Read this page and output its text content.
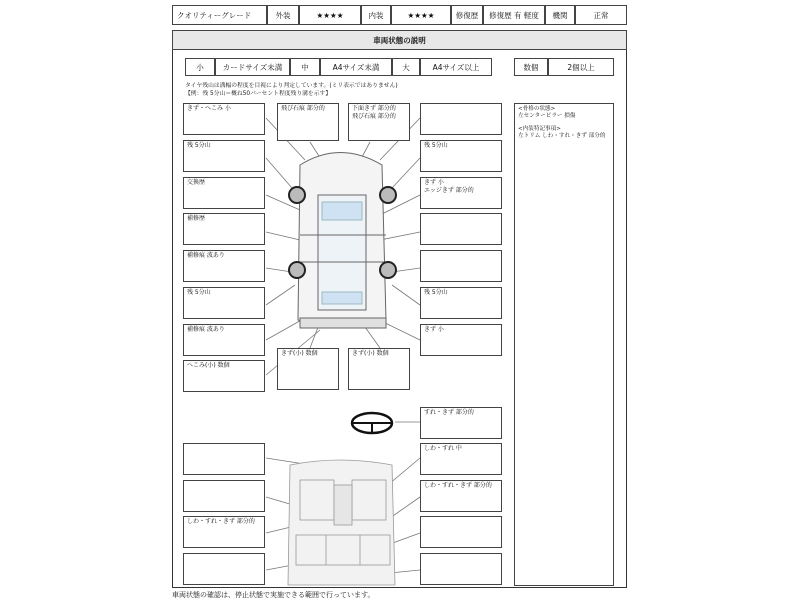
クオリティーグレード	外装	★★★★	内装	★★★★	修復歴	修復歴 有 軽度	機関	正常
車両状態の説明
小	カードサイズ未満	中	A4サイズ未満	大	A4サイズ以上	数個	2個以上
タイヤ残山は溝幅の程度を目視により判定しています。(ミリ表示ではありません)
【例：残 5分山＝概ね50パーセント程度残り溝を示す】
<骨格の状態>
左センターピラー 損傷
<内装特記事項>
左トリム しわ・すれ・きず 部分的
きず・へこみ 小
残 5分山
交換歴
補修歴
補修痕 波あり
残 5分山
補修痕 波あり
へこみ(小) 数個
飛び石痕 部分的	下面きず 部分的
飛び石痕 部分的
きず(小) 数個	きず(小) 数個
残 5分山
きず 小
エッジきず 部分的
残 5分山
きず 小
すれ・きず 部分的
しわ・すれ 中
しわ・すれ・きず 部分的
しわ・すれ・きず 部分的
車両状態の確認は、停止状態で実施できる範囲で行っています。
